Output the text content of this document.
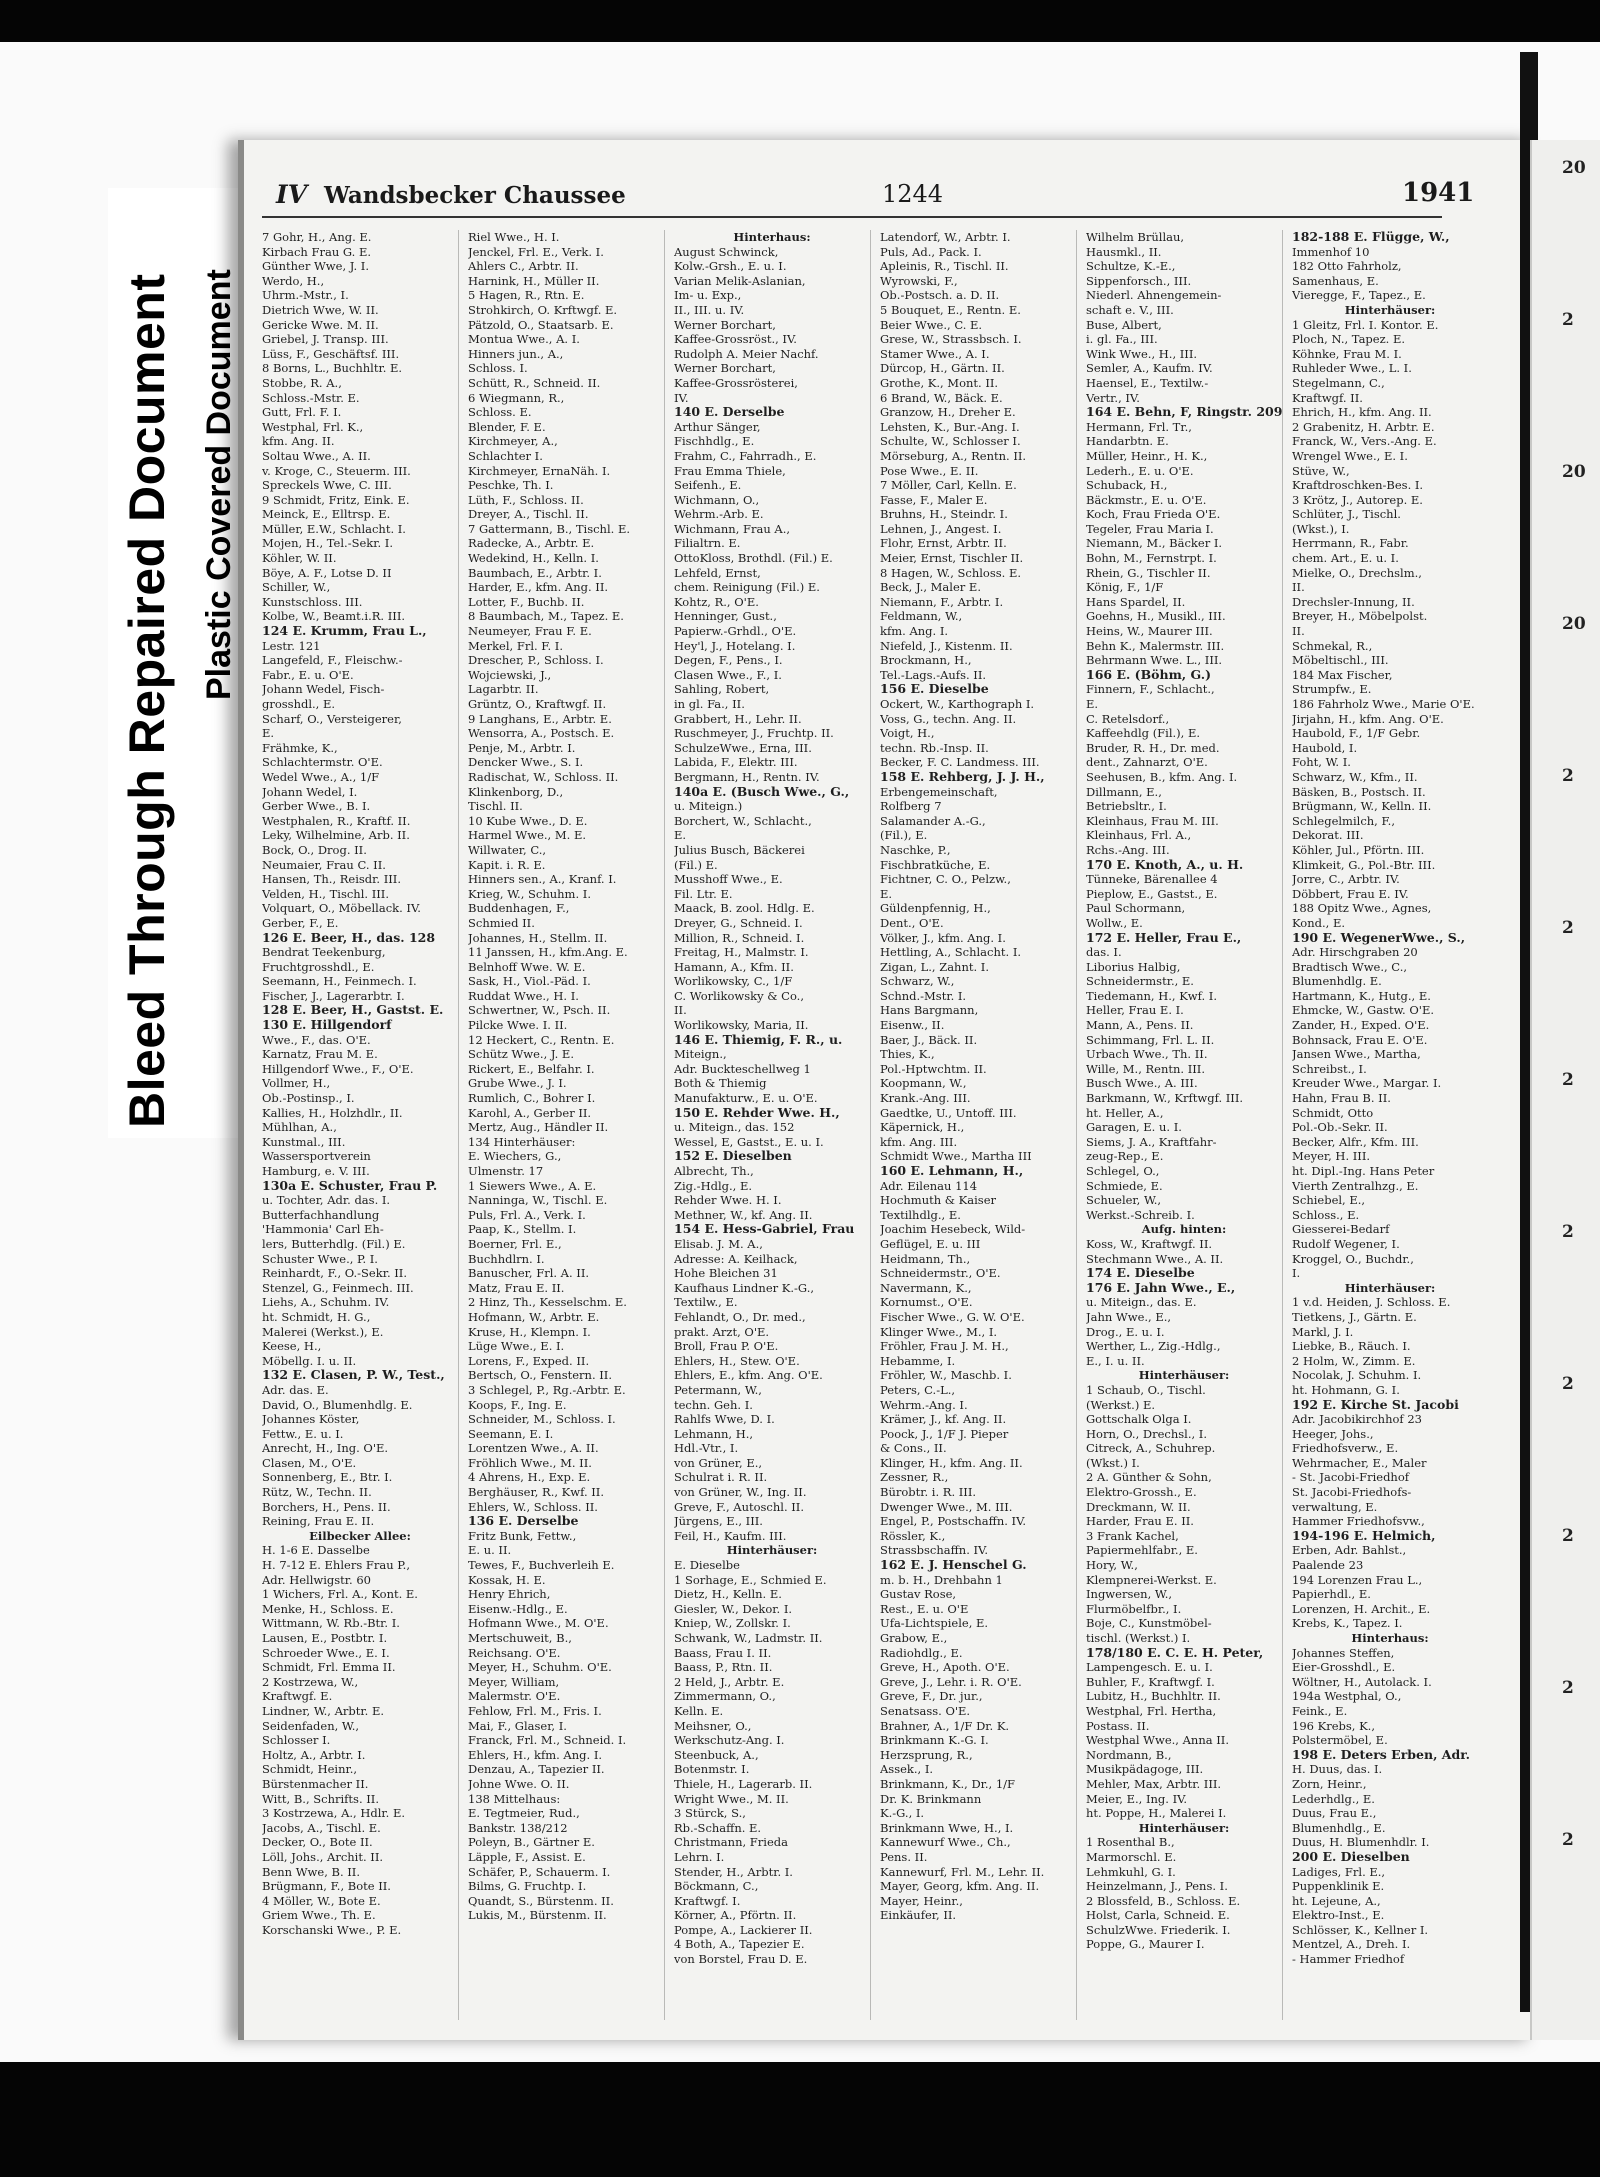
Bleed Through Repaired Document Plastic Covered Document
IV Wandsbecker Chaussee	1244	1941
7 Gohr, H., Ang. E.
Kirbach Frau G. E.
Günther Wwe, J. I.
Werdo, H.,
Uhrm.-Mstr., I.
Dietrich Wwe, W. II.
Gericke Wwe. M. II.
Griebel, J. Transp. III.
Lüss, F., Geschäftsf. III.
8 Borns, L., Buchhltr. E.
Stobbe, R. A.,
Schloss.-Mstr. E.
Gutt, Frl. F. I.
Westphal, Frl. K.,
kfm. Ang. II.
Soltau Wwe., A. II.
v. Kroge, C., Steuerm. III.
Spreckels Wwe, C. III.
9 Schmidt, Fritz, Eink. E.
Meinck, E., Elltrsp. E.
Müller, E.W., Schlacht. I.
Mojen, H., Tel.-Sekr. I.
Köhler, W. II.
Böye, A. F., Lotse D. II
Schiller, W.,
Kunstschloss. III.
Kolbe, W., Beamt.i.R. III.
124 E. Krumm, Frau L.,
Lestr. 121
Langefeld, F., Fleischw.-
Fabr., E. u. O'E.
Johann Wedel, Fisch-
grosshdl., E.
Scharf, O., Versteigerer,
E.
Frähmke, K.,
Schlachtermstr. O'E.
Wedel Wwe., A., 1/F
Johann Wedel, I.
Gerber Wwe., B. I.
Westphalen, R., Kraftf. II.
Leky, Wilhelmine, Arb. II.
Bock, O., Drog. II.
Neumaier, Frau C. II.
Hansen, Th., Reisdr. III.
Velden, H., Tischl. III.
Volquart, O., Möbellack. IV.
Gerber, F., E.
126 E. Beer, H., das. 128
Bendrat Teekenburg,
Fruchtgrosshdl., E.
Seemann, H., Feinmech. I.
Fischer, J., Lagerarbtr. I.
128 E. Beer, H., Gastst. E.
130 E. Hillgendorf
Wwe., F., das. O'E.
Karnatz, Frau M. E.
Hillgendorf Wwe., F., O'E.
Vollmer, H.,
Ob.-Postinsp., I.
Kallies, H., Holzhdlr., II.
Mühlhan, A.,
Kunstmal., III.
Wassersportverein
Hamburg, e. V. III.
130a E. Schuster, Frau P.
u. Tochter, Adr. das. I.
Butterfachhandlung
'Hammonia' Carl Eh-
lers, Butterhdlg. (Fil.) E.
Schuster Wwe., P. I.
Reinhardt, F., O.-Sekr. II.
Stenzel, G., Feinmech. III.
Liehs, A., Schuhm. IV.
ht. Schmidt, H. G.,
Malerei (Werkst.), E.
Keese, H.,
Möbellg. I. u. II.
132 E. Clasen, P. W., Test.,
Adr. das. E.
David, O., Blumenhdlg. E.
Johannes Köster,
Fettw., E. u. I.
Anrecht, H., Ing. O'E.
Clasen, M., O'E.
Sonnenberg, E., Btr. I.
Rütz, W., Techn. II.
Borchers, H., Pens. II.
Reining, Frau E. II.
Eilbecker Allee:
H. 1-6 E. Dasselbe
H. 7-12 E. Ehlers Frau P.,
Adr. Hellwigstr. 60
1 Wichers, Frl. A., Kont. E.
Menke, H., Schloss. E.
Wittmann, W. Rb.-Btr. I.
Lausen, E., Postbtr. I.
Schroeder Wwe., E. I.
Schmidt, Frl. Emma II.
2 Kostrzewa, W.,
Kraftwgf. E.
Lindner, W., Arbtr. E.
Seidenfaden, W.,
Schlosser I.
Holtz, A., Arbtr. I.
Schmidt, Heinr.,
Bürstenmacher II.
Witt, B., Schrifts. II.
3 Kostrzewa, A., Hdlr. E.
Jacobs, A., Tischl. E.
Decker, O., Bote II.
Löll, Johs., Archit. II.
Benn Wwe, B. II.
Brügmann, F., Bote II.
4 Möller, W., Bote E.
Griem Wwe., Th. E.
Korschanski Wwe., P. E.
Riel Wwe., H. I.
Jenckel, Frl. E., Verk. I.
Ahlers C., Arbtr. II.
Harnink, H., Müller II.
5 Hagen, R., Rtn. E.
Strohkirch, O. Krftwgf. E.
Pätzold, O., Staatsarb. E.
Montua Wwe., A. I.
Hinners jun., A.,
Schloss. I.
Schütt, R., Schneid. II.
6 Wiegmann, R.,
Schloss. E.
Blender, F. E.
Kirchmeyer, A.,
Schlachter I.
Kirchmeyer, ErnaNäh. I.
Peschke, Th. I.
Lüth, F., Schloss. II.
Dreyer, A., Tischl. II.
7 Gattermann, B., Tischl. E.
Radecke, A., Arbtr. E.
Wedekind, H., Kelln. I.
Baumbach, E., Arbtr. I.
Harder, E., kfm. Ang. II.
Lotter, F., Buchb. II.
8 Baumbach, M., Tapez. E.
Neumeyer, Frau F. E.
Merkel, Frl. F. I.
Drescher, P., Schloss. I.
Wojciewski, J.,
Lagarbtr. II.
Grüntz, O., Kraftwgf. II.
9 Langhans, E., Arbtr. E.
Wensorra, A., Postsch. E.
Penje, M., Arbtr. I.
Dencker Wwe., S. I.
Radischat, W., Schloss. II.
Klinkenborg, D.,
Tischl. II.
10 Kube Wwe., D. E.
Harmel Wwe., M. E.
Willwater, C.,
Kapit. i. R. E.
Hinners sen., A., Kranf. I.
Krieg, W., Schuhm. I.
Buddenhagen, F.,
Schmied II.
Johannes, H., Stellm. II.
11 Janssen, H., kfm.Ang. E.
Belnhoff Wwe. W. E.
Sask, H., Viol.-Päd. I.
Ruddat Wwe., H. I.
Schwertner, W., Psch. II.
Pilcke Wwe. I. II.
12 Heckert, C., Rentn. E.
Schütz Wwe., J. E.
Rickert, E., Belfahr. I.
Grube Wwe., J. I.
Rumlich, C., Bohrer I.
Karohl, A., Gerber II.
Mertz, Aug., Händler II.
134 Hinterhäuser:
E. Wiechers, G.,
Ulmenstr. 17
1 Siewers Wwe., A. E.
Nanninga, W., Tischl. E.
Puls, Frl. A., Verk. I.
Paap, K., Stellm. I.
Boerner, Frl. E.,
Buchhdlrn. I.
Banuscher, Frl. A. II.
Matz, Frau E. II.
2 Hinz, Th., Kesselschm. E.
Hofmann, W., Arbtr. E.
Kruse, H., Klempn. I.
Lüge Wwe., E. I.
Lorens, F., Exped. II.
Bertsch, O., Fenstern. II.
3 Schlegel, P., Rg.-Arbtr. E.
Koops, F., Ing. E.
Schneider, M., Schloss. I.
Seemann, E. I.
Lorentzen Wwe., A. II.
Fröhlich Wwe., M. II.
4 Ahrens, H., Exp. E.
Berghäuser, R., Kwf. II.
Ehlers, W., Schloss. II.
136 E. Derselbe
Fritz Bunk, Fettw.,
E. u. II.
Tewes, F., Buchverleih E.
Kossak, H. E.
Henry Ehrich,
Eisenw.-Hdlg., E.
Hofmann Wwe., M. O'E.
Mertschuweit, B.,
Reichsang. O'E.
Meyer, H., Schuhm. O'E.
Meyer, William,
Malermstr. O'E.
Fehlow, Frl. M., Fris. I.
Mai, F., Glaser, I.
Franck, Frl. M., Schneid. I.
Ehlers, H., kfm. Ang. I.
Denzau, A., Tapezier II.
Johne Wwe. O. II.
138 Mittelhaus:
E. Tegtmeier, Rud.,
Bankstr. 138/212
Poleyn, B., Gärtner E.
Läpple, F., Assist. E.
Schäfer, P., Schauerm. I.
Bilms, G. Fruchtp. I.
Quandt, S., Bürstenm. II.
Lukis, M., Bürstenm. II.
Hinterhaus:
August Schwinck,
Kolw.-Grsh., E. u. I.
Varian Melik-Aslanian,
Im- u. Exp.,
II., III. u. IV.
Werner Borchart,
Kaffee-Grossröst., IV.
Rudolph A. Meier Nachf.
Werner Borchart,
Kaffee-Grossrösterei,
IV.
140 E. Derselbe
Arthur Sänger,
Fischhdlg., E.
Frahm, C., Fahrradh., E.
Frau Emma Thiele,
Seifenh., E.
Wichmann, O.,
Wehrm.-Arb. E.
Wichmann, Frau A.,
Filialtrn. E.
OttoKloss, Brothdl. (Fil.) E.
Lehfeld, Ernst,
chem. Reinigung (Fil.) E.
Kohtz, R., O'E.
Henninger, Gust.,
Papierw.-Grhdl., O'E.
Hey'l, J., Hotelang. I.
Degen, F., Pens., I.
Clasen Wwe., F., I.
Sahling, Robert,
in gl. Fa., II.
Grabbert, H., Lehr. II.
Ruschmeyer, J., Fruchtp. II.
SchulzeWwe., Erna, III.
Labida, F., Elektr. III.
Bergmann, H., Rentn. IV.
140a E. (Busch Wwe., G.,
u. Miteign.)
Borchert, W., Schlacht.,
E.
Julius Busch, Bäckerei
(Fil.) E.
Musshoff Wwe., E.
Fil. Ltr. E.
Maack, B. zool. Hdlg. E.
Dreyer, G., Schneid. I.
Million, R., Schneid. I.
Freitag, H., Malmstr. I.
Hamann, A., Kfm. II.
Worlikowsky, C., 1/F
C. Worlikowsky & Co.,
II.
Worlikowsky, Maria, II.
146 E. Thiemig, F. R., u.
Miteign.,
Adr. Buckteschellweg 1
Both & Thiemig
Manufakturw., E. u. O'E.
150 E. Rehder Wwe. H.,
u. Miteign., das. 152
Wessel, E, Gastst., E. u. I.
152 E. Dieselben
Albrecht, Th.,
Zig.-Hdlg., E.
Rehder Wwe. H. I.
Methner, W., kf. Ang. II.
154 E. Hess-Gabriel, Frau
Elisab. J. M. A.,
Adresse: A. Keilhack,
Hohe Bleichen 31
Kaufhaus Lindner K.-G.,
Textilw., E.
Fehlandt, O., Dr. med.,
prakt. Arzt, O'E.
Broll, Frau P. O'E.
Ehlers, H., Stew. O'E.
Ehlers, E., kfm. Ang. O'E.
Petermann, W.,
techn. Geh. I.
Rahlfs Wwe, D. I.
Lehmann, H.,
Hdl.-Vtr., I.
von Grüner, E.,
Schulrat i. R. II.
von Grüner, W., Ing. II.
Greve, F., Autoschl. II.
Jürgens, E., III.
Feil, H., Kaufm. III.
Hinterhäuser:
E. Dieselbe
1 Sorhage, E., Schmied E.
Dietz, H., Kelln. E.
Giesler, W., Dekor. I.
Kniep, W., Zollskr. I.
Schwank, W., Ladmstr. II.
Baass, Frau I. II.
Baass, P., Rtn. II.
2 Held, J., Arbtr. E.
Zimmermann, O.,
Kelln. E.
Meihsner, O.,
Werkschutz-Ang. I.
Steenbuck, A.,
Botenmstr. I.
Thiele, H., Lagerarb. II.
Wright Wwe., M. II.
3 Stürck, S.,
Rb.-Schaffn. E.
Christmann, Frieda
Lehrn. I.
Stender, H., Arbtr. I.
Böckmann, C.,
Kraftwgf. I.
Körner, A., Pförtn. II.
Pompe, A., Lackierer II.
4 Both, A., Tapezier E.
von Borstel, Frau D. E.
Latendorf, W., Arbtr. I.
Puls, Ad., Pack. I.
Apleinis, R., Tischl. II.
Wyrowski, F.,
Ob.-Postsch. a. D. II.
5 Bouquet, E., Rentn. E.
Beier Wwe., C. E.
Grese, W., Strassbsch. I.
Stamer Wwe., A. I.
Dürcop, H., Gärtn. II.
Grothe, K., Mont. II.
6 Brand, W., Bäck. E.
Granzow, H., Dreher E.
Lehsten, K., Bur.-Ang. I.
Schulte, W., Schlosser I.
Mörseburg, A., Rentn. II.
Pose Wwe., E. II.
7 Möller, Carl, Kelln. E.
Fasse, F., Maler E.
Bruhns, H., Steindr. I.
Lehnen, J., Angest. I.
Flohr, Ernst, Arbtr. II.
Meier, Ernst, Tischler II.
8 Hagen, W., Schloss. E.
Beck, J., Maler E.
Niemann, F., Arbtr. I.
Feldmann, W.,
kfm. Ang. I.
Niefeld, J., Kistenm. II.
Brockmann, H.,
Tel.-Lags.-Aufs. II.
156 E. Dieselbe
Ockert, W., Karthograph I.
Voss, G., techn. Ang. II.
Voigt, H.,
techn. Rb.-Insp. II.
Becker, F. C. Landmess. III.
158 E. Rehberg, J. J. H.,
Erbengemeinschaft,
Rolfberg 7
Salamander A.-G.,
(Fil.), E.
Naschke, P.,
Fischbratküche, E.
Fichtner, C. O., Pelzw.,
E.
Güldenpfennig, H.,
Dent., O'E.
Völker, J., kfm. Ang. I.
Hettling, A., Schlacht. I.
Zigan, L., Zahnt. I.
Schwarz, W.,
Schnd.-Mstr. I.
Hans Bargmann,
Eisenw., II.
Baer, J., Bäck. II.
Thies, K.,
Pol.-Hptwchtm. II.
Koopmann, W.,
Krank.-Ang. III.
Gaedtke, U., Untoff. III.
Käpernick, H.,
kfm. Ang. III.
Schmidt Wwe., Martha III
160 E. Lehmann, H.,
Adr. Eilenau 114
Hochmuth & Kaiser
Textilhdlg., E.
Joachim Hesebeck, Wild-
Geflügel, E. u. III
Heidmann, Th.,
Schneidermstr., O'E.
Navermann, K.,
Kornumst., O'E.
Fischer Wwe., G. W. O'E.
Klinger Wwe., M., I.
Fröhler, Frau J. M. H.,
Hebamme, I.
Fröhler, W., Maschb. I.
Peters, C.-L.,
Wehrm.-Ang. I.
Krämer, J., kf. Ang. II.
Poock, J., 1/F J. Pieper
& Cons., II.
Klinger, H., kfm. Ang. II.
Zessner, R.,
Bürobtr. i. R. III.
Dwenger Wwe., M. III.
Engel, P., Postschaffn. IV.
Rössler, K.,
Strassbschaffn. IV.
162 E. J. Henschel G.
m. b. H., Drehbahn 1
Gustav Rose,
Rest., E. u. O'E
Ufa-Lichtspiele, E.
Grabow, E.,
Radiohdlg., E.
Greve, H., Apoth. O'E.
Greve, J., Lehr. i. R. O'E.
Greve, F., Dr. jur.,
Senatsass. O'E.
Brahner, A., 1/F Dr. K.
Brinkmann K.-G. I.
Herzsprung, R.,
Assek., I.
Brinkmann, K., Dr., 1/F
Dr. K. Brinkmann
K.-G., I.
Brinkmann Wwe, H., I.
Kannewurf Wwe., Ch.,
Pens. II.
Kannewurf, Frl. M., Lehr. II.
Mayer, Georg, kfm. Ang. II.
Mayer, Heinr.,
Einkäufer, II.
Wilhelm Brüllau,
Hausmkl., II.
Schultze, K.-E.,
Sippenforsch., III.
Niederl. Ahnengemein-
schaft e. V., III.
Buse, Albert,
i. gl. Fa., III.
Wink Wwe., H., III.
Semler, A., Kaufm. IV.
Haensel, E., Textilw.-
Vertr., IV.
164 E. Behn, F, Ringstr. 209
Hermann, Frl. Tr.,
Handarbtn. E.
Müller, Heinr., H. K.,
Lederh., E. u. O'E.
Schuback, H.,
Bäckmstr., E. u. O'E.
Koch, Frau Frieda O'E.
Tegeler, Frau Maria I.
Niemann, M., Bäcker I.
Bohn, M., Fernstrpt. I.
Rhein, G., Tischler II.
König, F., 1/F
Hans Spardel, II.
Goehns, H., Musikl., III.
Heins, W., Maurer III.
Behn K., Malermstr. III.
Behrmann Wwe. L., III.
166 E. (Böhm, G.)
Finnern, F., Schlacht.,
E.
C. Retelsdorf.,
Kaffeehdlg (Fil.), E.
Bruder, R. H., Dr. med.
dent., Zahnarzt, O'E.
Seehusen, B., kfm. Ang. I.
Dillmann, E.,
Betriebsltr., I.
Kleinhaus, Frau M. III.
Kleinhaus, Frl. A.,
Rchs.-Ang. III.
170 E. Knoth, A., u. H.
Tünneke, Bärenallee 4
Pieplow, E., Gastst., E.
Paul Schormann,
Wollw., E.
172 E. Heller, Frau E.,
das. I.
Liborius Halbig,
Schneidermstr., E.
Tiedemann, H., Kwf. I.
Heller, Frau E. I.
Mann, A., Pens. II.
Schimmang, Frl. L. II.
Urbach Wwe., Th. II.
Wille, M., Rentn. III.
Busch Wwe., A. III.
Barkmann, W., Krftwgf. III.
ht. Heller, A.,
Garagen, E. u. I.
Siems, J. A., Kraftfahr-
zeug-Rep., E.
Schlegel, O.,
Schmiede, E.
Schueler, W.,
Werkst.-Schreib. I.
Aufg. hinten:
Koss, W., Kraftwgf. II.
Stechmann Wwe., A. II.
174 E. Dieselbe
176 E. Jahn Wwe., E.,
u. Miteign., das. E.
Jahn Wwe., E.,
Drog., E. u. I.
Werther, L., Zig.-Hdlg.,
E., I. u. II.
Hinterhäuser:
1 Schaub, O., Tischl.
(Werkst.) E.
Gottschalk Olga I.
Horn, O., Drechsl., I.
Citreck, A., Schuhrep.
(Wkst.) I.
2 A. Günther & Sohn,
Elektro-Grossh., E.
Dreckmann, W. II.
Harder, Frau E. II.
3 Frank Kachel,
Papiermehlfabr., E.
Hory, W.,
Klempnerei-Werkst. E.
Ingwersen, W.,
Flurmöbelfbr., I.
Boje, C., Kunstmöbel-
tischl. (Werkst.) I.
178/180 E. C. E. H. Peter,
Lampengesch. E. u. I.
Buhler, F., Kraftwgf. I.
Lubitz, H., Buchhltr. II.
Westphal, Frl. Hertha,
Postass. II.
Westphal Wwe., Anna II.
Nordmann, B.,
Musikpädagoge, III.
Mehler, Max, Arbtr. III.
Meier, E., Ing. IV.
ht. Poppe, H., Malerei I.
Hinterhäuser:
1 Rosenthal B.,
Marmorschl. E.
Lehmkuhl, G. I.
Heinzelmann, J., Pens. I.
2 Blossfeld, B., Schloss. E.
Holst, Carla, Schneid. E.
SchulzWwe. Friederik. I.
Poppe, G., Maurer I.
182-188 E. Flügge, W.,
Immenhof 10
182 Otto Fahrholz,
Samenhaus, E.
Vieregge, F., Tapez., E.
Hinterhäuser:
1 Gleitz, Frl. I. Kontor. E.
Ploch, N., Tapez. E.
Köhnke, Frau M. I.
Ruhleder Wwe., L. I.
Stegelmann, C.,
Kraftwgf. II.
Ehrich, H., kfm. Ang. II.
2 Grabenitz, H. Arbtr. E.
Franck, W., Vers.-Ang. E.
Wrengel Wwe., E. I.
Stüve, W.,
Kraftdroschken-Bes. I.
3 Krötz, J., Autorep. E.
Schlüter, J., Tischl.
(Wkst.), I.
Herrmann, R., Fabr.
chem. Art., E. u. I.
Mielke, O., Drechslm.,
II.
Drechsler-Innung, II.
Breyer, H., Möbelpolst.
II.
Schmekal, R.,
Möbeltischl., III.
184 Max Fischer,
Strumpfw., E.
186 Fahrholz Wwe., Marie O'E.
Jirjahn, H., kfm. Ang. O'E.
Haubold, F., 1/F Gebr.
Haubold, I.
Foht, W. I.
Schwarz, W., Kfm., II.
Bäsken, B., Postsch. II.
Brügmann, W., Kelln. II.
Schlegelmilch, F.,
Dekorat. III.
Köhler, Jul., Pförtn. III.
Klimkeit, G., Pol.-Btr. III.
Jorre, C., Arbtr. IV.
Döbbert, Frau E. IV.
188 Opitz Wwe., Agnes,
Kond., E.
190 E. WegenerWwe., S.,
Adr. Hirschgraben 20
Bradtisch Wwe., C.,
Blumenhdlg. E.
Hartmann, K., Hutg., E.
Ehmcke, W., Gastw. O'E.
Zander, H., Exped. O'E.
Bohnsack, Frau E. O'E.
Jansen Wwe., Martha,
Schreibst., I.
Kreuder Wwe., Margar. I.
Hahn, Frau B. II.
Schmidt, Otto
Pol.-Ob.-Sekr. II.
Becker, Alfr., Kfm. III.
Meyer, H. III.
ht. Dipl.-Ing. Hans Peter
Vierth Zentralhzg., E.
Schiebel, E.,
Schloss., E.
Giesserei-Bedarf
Rudolf Wegener, I.
Kroggel, O., Buchdr.,
I.
Hinterhäuser:
1 v.d. Heiden, J. Schloss. E.
Tietkens, J., Gärtn. E.
Markl, J. I.
Liebke, B., Räuch. I.
2 Holm, W., Zimm. E.
Nocolak, J. Schuhm. I.
ht. Hohmann, G. I.
192 E. Kirche St. Jacobi
Adr. Jacobikirchhof 23
Heeger, Johs.,
Friedhofsverw., E.
Wehrmacher, E., Maler
- St. Jacobi-Friedhof
St. Jacobi-Friedhofs-
verwaltung, E.
Hammer Friedhofsvw.,
194-196 E. Helmich,
Erben, Adr. Bahlst.,
Paalende 23
194 Lorenzen Frau L.,
Papierhdl., E.
Lorenzen, H. Archit., E.
Krebs, K., Tapez. I.
Hinterhaus:
Johannes Steffen,
Eier-Grosshdl., E.
Wöltner, H., Autolack. I.
194a Westphal, O.,
Feink., E.
196 Krebs, K.,
Polstermöbel, E.
198 E. Deters Erben, Adr.
H. Duus, das. I.
Zorn, Heinr.,
Lederhdlg., E.
Duus, Frau E.,
Blumenhdlg., E.
Duus, H. Blumenhdlr. I.
200 E. Dieselben
Ladiges, Frl. E.,
Puppenklinik E.
ht. Lejeune, A.,
Elektro-Inst., E.
Schlösser, K., Kellner I.
Mentzel, A., Dreh. I.
- Hammer Friedhof
20
2
20
20
2
2
2
2
2
2
2
2
